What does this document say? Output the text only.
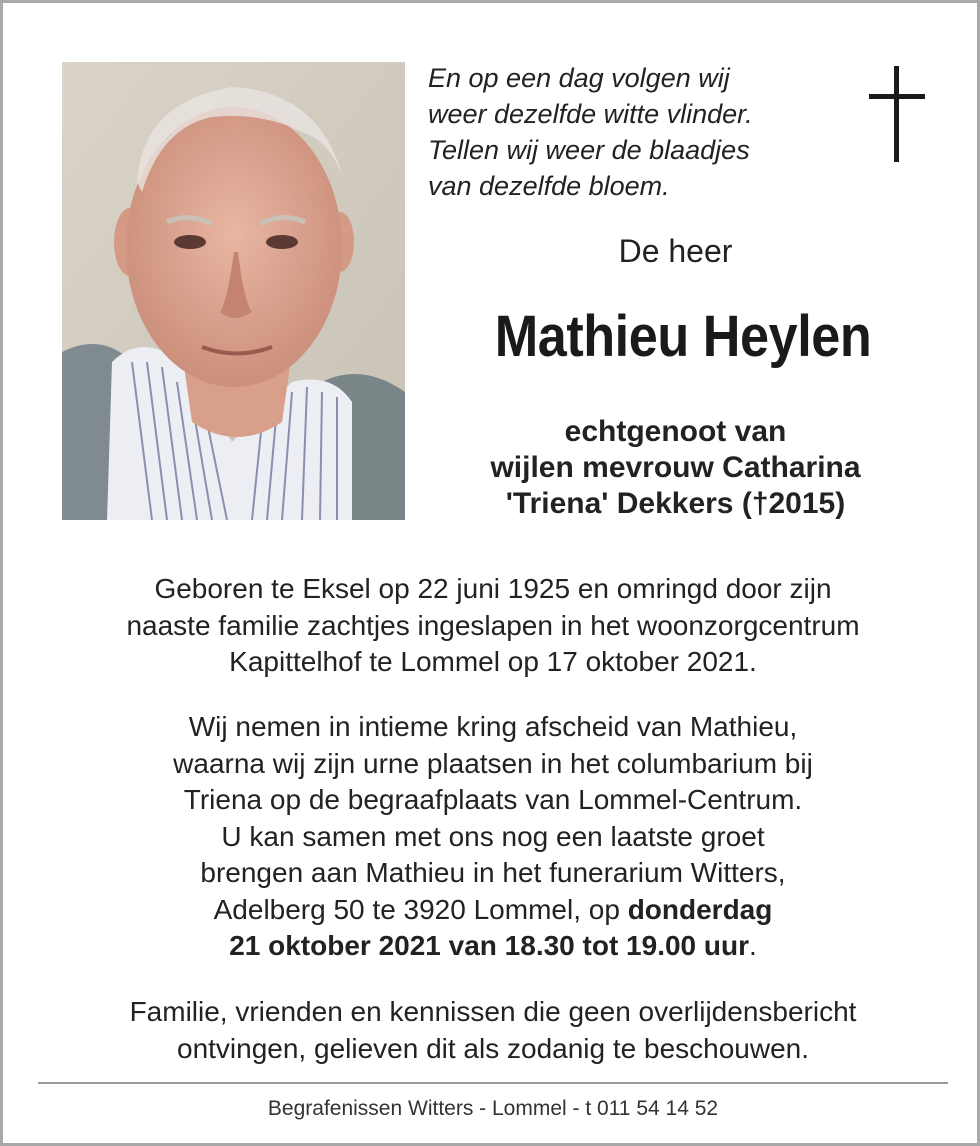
En op een dag volgen wij
weer dezelfde witte vlinder.
Tellen wij weer de blaadjes
van dezelfde bloem.
De heer
Mathieu Heylen
echtgenoot van
wijlen mevrouw Catharina
'Triena' Dekkers (†2015)
Geboren te Eksel op 22 juni 1925 en omringd door zijn
naaste familie zachtjes ingeslapen in het woonzorgcentrum
Kapittelhof te Lommel op 17 oktober 2021.
Wij nemen in intieme kring afscheid van Mathieu,
waarna wij zijn urne plaatsen in het columbarium bij
Triena op de begraafplaats van Lommel-Centrum.
U kan samen met ons nog een laatste groet
brengen aan Mathieu in het funerarium Witters,
Adelberg 50 te 3920 Lommel, op donderdag
21 oktober 2021 van 18.30 tot 19.00 uur.
Familie, vrienden en kennissen die geen overlijdensbericht
ontvingen, gelieven dit als zodanig te beschouwen.
Begrafenissen Witters - Lommel - t 011 54 14 52
